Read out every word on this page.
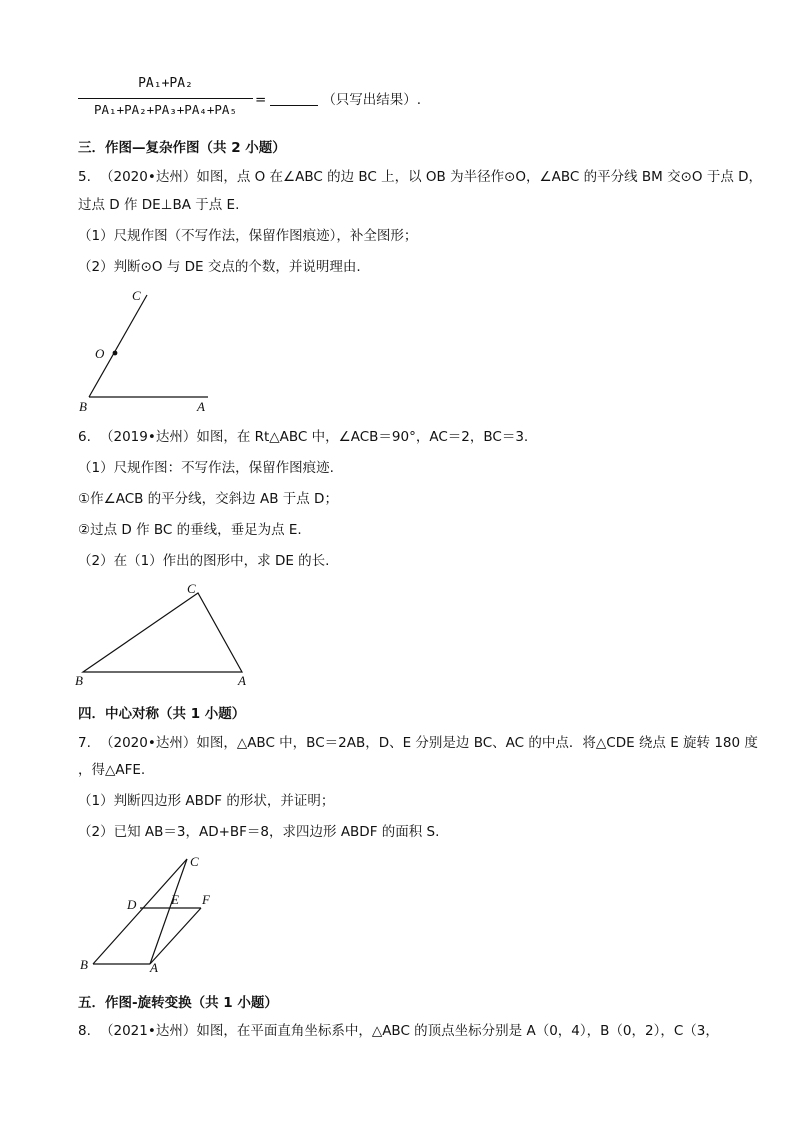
PA₁+PA₂
PA₁+PA₂+PA₃+PA₄+PA₅
=	（只写出结果）.
三．作图—复杂作图（共 2 小题）
5. （2020•达州）如图，点 O 在∠ABC 的边 BC 上，以 OB 为半径作⊙O，∠ABC 的平分线 BM 交⊙O 于点 D，
过点 D 作 DE⊥BA 于点 E.
（1）尺规作图（不写作法，保留作图痕迹），补全图形；
（2）判断⊙O 与 DE 交点的个数，并说明理由.
C
O
B	A
6. （2019•达州）如图，在 Rt△ABC 中，∠ACB＝90°，AC＝2，BC＝3.
（1）尺规作图：不写作法，保留作图痕迹.
①作∠ACB 的平分线，交斜边 AB 于点 D；
②过点 D 作 BC 的垂线，垂足为点 E.
（2）在（1）作出的图形中，求 DE 的长.
C
B	A
四．中心对称（共 1 小题）
7. （2020•达州）如图，△ABC 中，BC＝2AB，D、E 分别是边 BC、AC 的中点．将△CDE 绕点 E 旋转 180 度
，得△AFE.
（1）判断四边形 ABDF 的形状，并证明；
（2）已知 AB＝3，AD+BF＝8，求四边形 ABDF 的面积 S.
C
D	E F
B	A
五．作图-旋转变换（共 1 小题）
8. （2021•达州）如图，在平面直角坐标系中，△ABC 的顶点坐标分别是 A（0，4），B（0，2），C（3，
